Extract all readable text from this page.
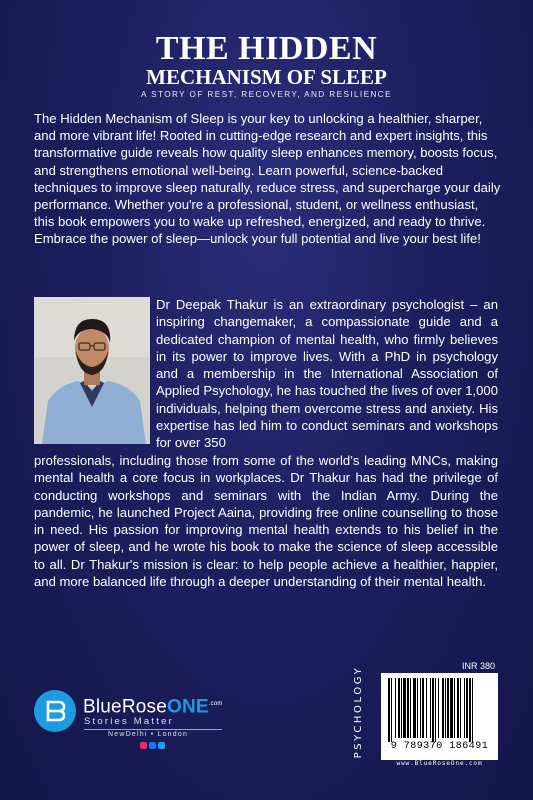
THE HIDDEN
MECHANISM OF SLEEP
A STORY OF REST, RECOVERY, AND RESILIENCE

The Hidden Mechanism of Sleep is your key to unlocking a healthier, sharper, and more vibrant life! Rooted in cutting-edge research and expert insights, this transformative guide reveals how quality sleep enhances memory, boosts focus, and strengthens emotional well-being. Learn powerful, science-backed techniques to improve sleep naturally, reduce stress, and supercharge your daily performance. Whether you're a professional, student, or wellness enthusiast, this book empowers you to wake up refreshed, energized, and ready to thrive. Embrace the power of sleep—unlock your full potential and live your best life!

Dr Deepak Thakur is an extraordinary psychologist – an inspiring changemaker, a compassionate guide and a dedicated champion of mental health, who firmly believes in its power to improve lives. With a PhD in psychology and a membership in the International Association of Applied Psychology, he has touched the lives of over 1,000 individuals, helping them overcome stress and anxiety. His expertise has led him to conduct seminars and workshops for over 350

professionals, including those from some of the world’s leading MNCs, making mental health a core focus in workplaces. Dr Thakur has had the privilege of conducting workshops and seminars with the Indian Army. During the pandemic, he launched Project Aaina, providing free online counselling to those in need. His passion for improving mental health extends to his belief in the power of sleep, and he wrote his book to make the science of sleep accessible to all. Dr Thakur's mission is clear: to help people achieve a healthier, happier, and more balanced life through a deeper understanding of their mental health.

BlueRoseONE$^{.com}$
Stories Matter
NewDelhi • London
INR 380
PSYCHOLOGY	9 789370 186491
www.BlueRoseOne.com
